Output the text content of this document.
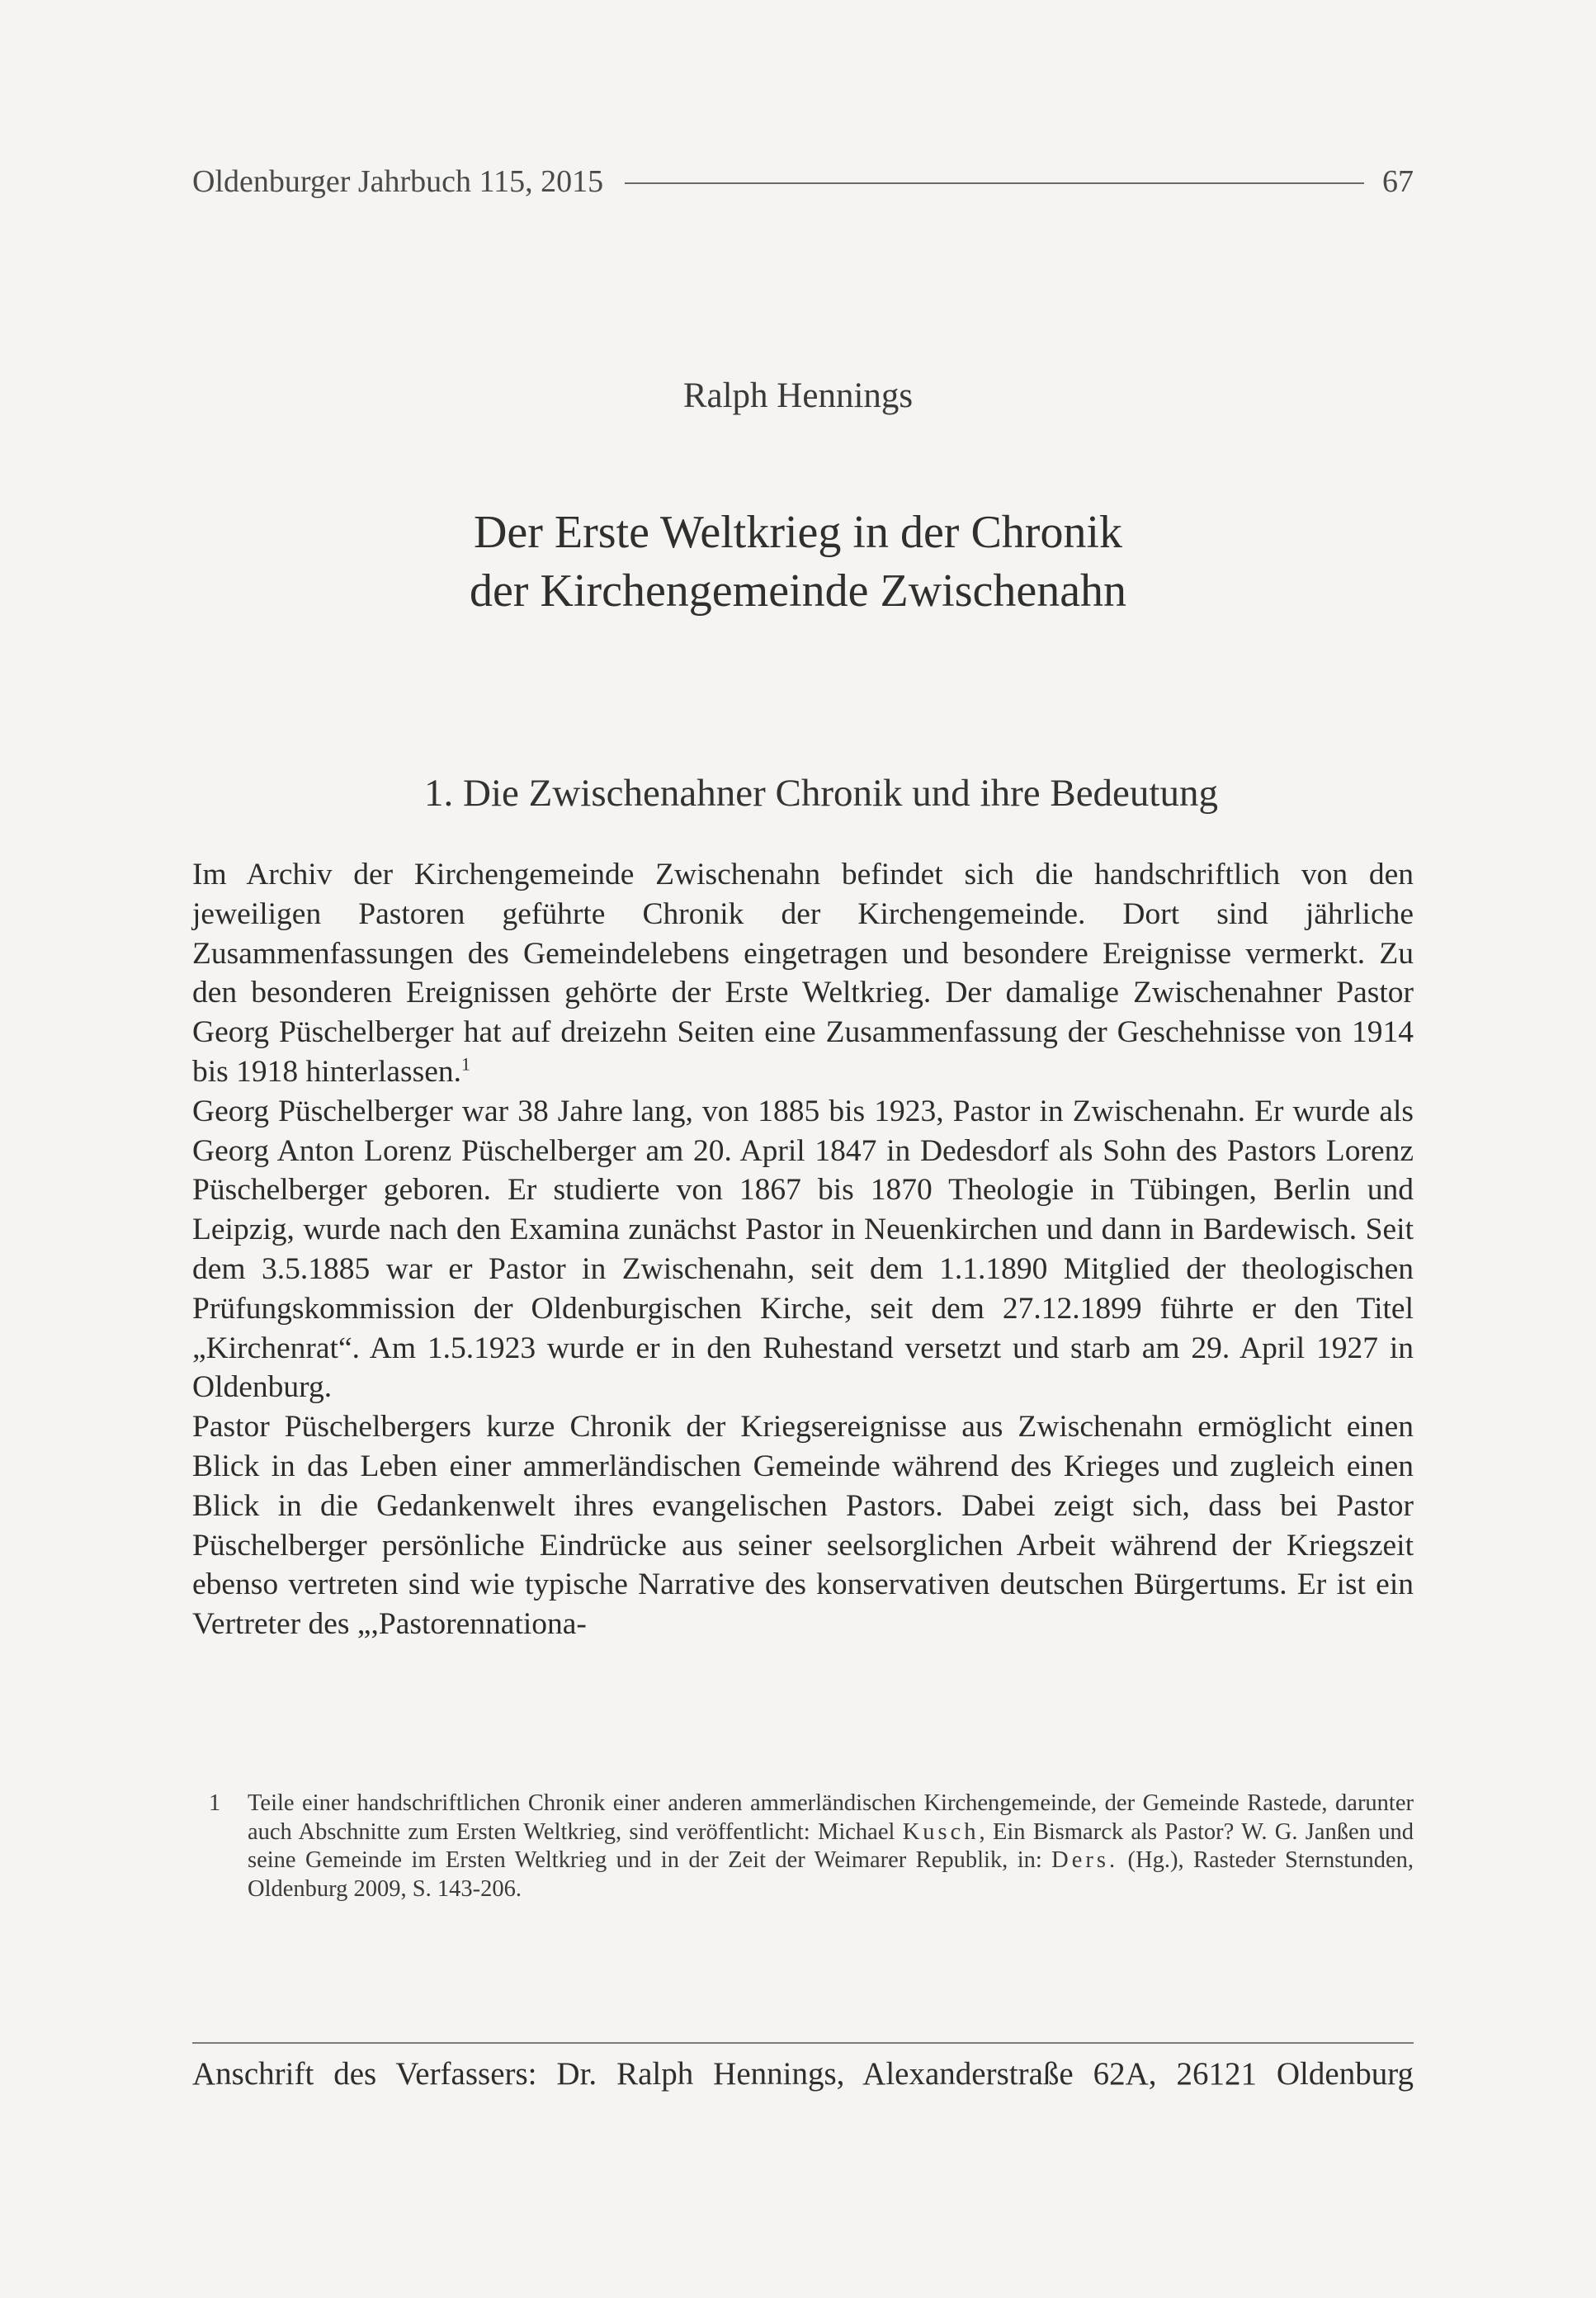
Oldenburger Jahrbuch 115, 2015	67
Ralph Hennings
Der Erste Weltkrieg in der Chronik
der Kirchengemeinde Zwischenahn
1. Die Zwischenahner Chronik und ihre Bedeutung

Im Archiv der Kirchengemeinde Zwischenahn befindet sich die handschriftlich von den jeweiligen Pastoren geführte Chronik der Kirchengemeinde. Dort sind jährliche Zusammenfassungen des Gemeindelebens eingetragen und besondere Ereignisse vermerkt. Zu den besonderen Ereignissen gehörte der Erste Weltkrieg. Der damalige Zwischenahner Pastor Georg Püschelberger hat auf dreizehn Seiten eine Zusammenfassung der Geschehnisse von 1914 bis 1918 hinterlassen.$^1$

Georg Püschelberger war 38 Jahre lang, von 1885 bis 1923, Pastor in Zwischenahn. Er wurde als Georg Anton Lorenz Püschelberger am 20. April 1847 in Dedesdorf als Sohn des Pastors Lorenz Püschelberger geboren. Er studierte von 1867 bis 1870 Theologie in Tübingen, Berlin und Leipzig, wurde nach den Examina zunächst Pastor in Neuenkirchen und dann in Bardewisch. Seit dem 3.5.1885 war er Pastor in Zwischenahn, seit dem 1.1.1890 Mitglied der theologischen Prüfungskommission der Oldenburgischen Kirche, seit dem 27.12.1899 führte er den Titel „Kirchenrat“. Am 1.5.1923 wurde er in den Ruhestand versetzt und starb am 29. April 1927 in Oldenburg.

Pastor Püschelbergers kurze Chronik der Kriegsereignisse aus Zwischenahn ermöglicht einen Blick in das Leben einer ammerländischen Gemeinde während des Krieges und zugleich einen Blick in die Gedankenwelt ihres evangelischen Pastors. Dabei zeigt sich, dass bei Pastor Püschelberger persönliche Eindrücke aus seiner seelsorglichen Arbeit während der Kriegszeit ebenso vertreten sind wie typische Narrative des konservativen deutschen Bürgertums. Er ist ein Vertreter des „,Pastorennationa-

1	Teile einer handschriftlichen Chronik einer anderen ammerländischen Kirchengemeinde, der Gemeinde Rastede, darunter auch Abschnitte zum Ersten Weltkrieg, sind veröffentlicht: Michael Kusch, Ein Bismarck als Pastor? W. G. Janßen und seine Gemeinde im Ersten Weltkrieg und in der Zeit der Weimarer Republik, in: Ders. (Hg.), Rasteder Sternstunden, Oldenburg 2009, S. 143-206.
Anschrift des Verfassers: Dr. Ralph Hennings, Alexanderstraße 62A, 26121 Oldenburg
